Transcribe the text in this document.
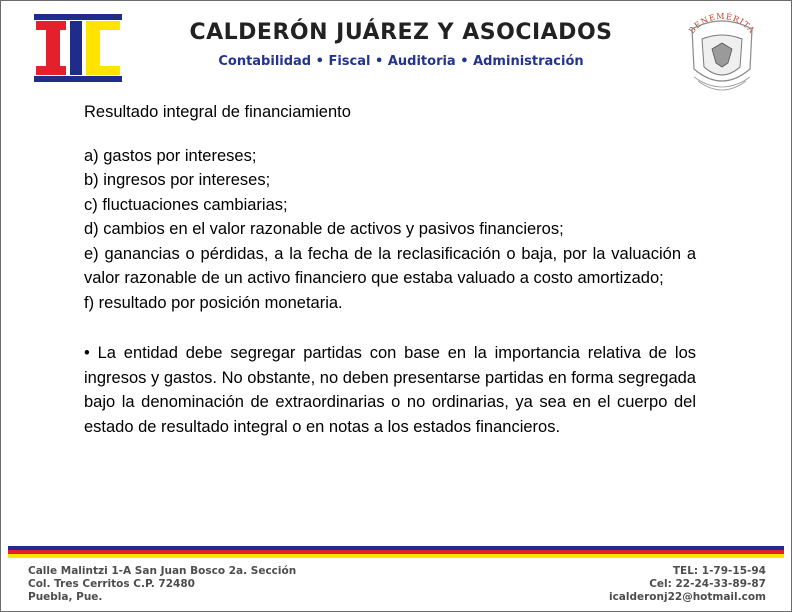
CALDERÓN JUÁREZ Y ASOCIADOS
Contabilidad • Fiscal • Auditoria • Administración
BENEMÉRITA
Resultado integral de financiamiento
a) gastos por intereses;
b) ingresos por intereses;
c) fluctuaciones cambiarias;
d) cambios en el valor razonable de activos y pasivos financieros;
e) ganancias o pérdidas, a la fecha de la reclasificación o baja, por la valuación a valor razonable de un activo financiero que estaba valuado a costo amortizado;
f) resultado por posición monetaria.
• La entidad debe segregar partidas con base en la importancia relativa de los ingresos y gastos. No obstante, no deben presentarse partidas en forma segregada bajo la denominación de extraordinarias o no ordinarias, ya sea en el cuerpo del estado de resultado integral o en notas a los estados financieros.
Calle Malintzi 1-A San Juan Bosco 2a. Sección
Col. Tres Cerritos C.P. 72480
Puebla, Pue.
TEL: 1-79-15-94
Cel: 22-24-33-89-87
icalderonj22@hotmail.com
